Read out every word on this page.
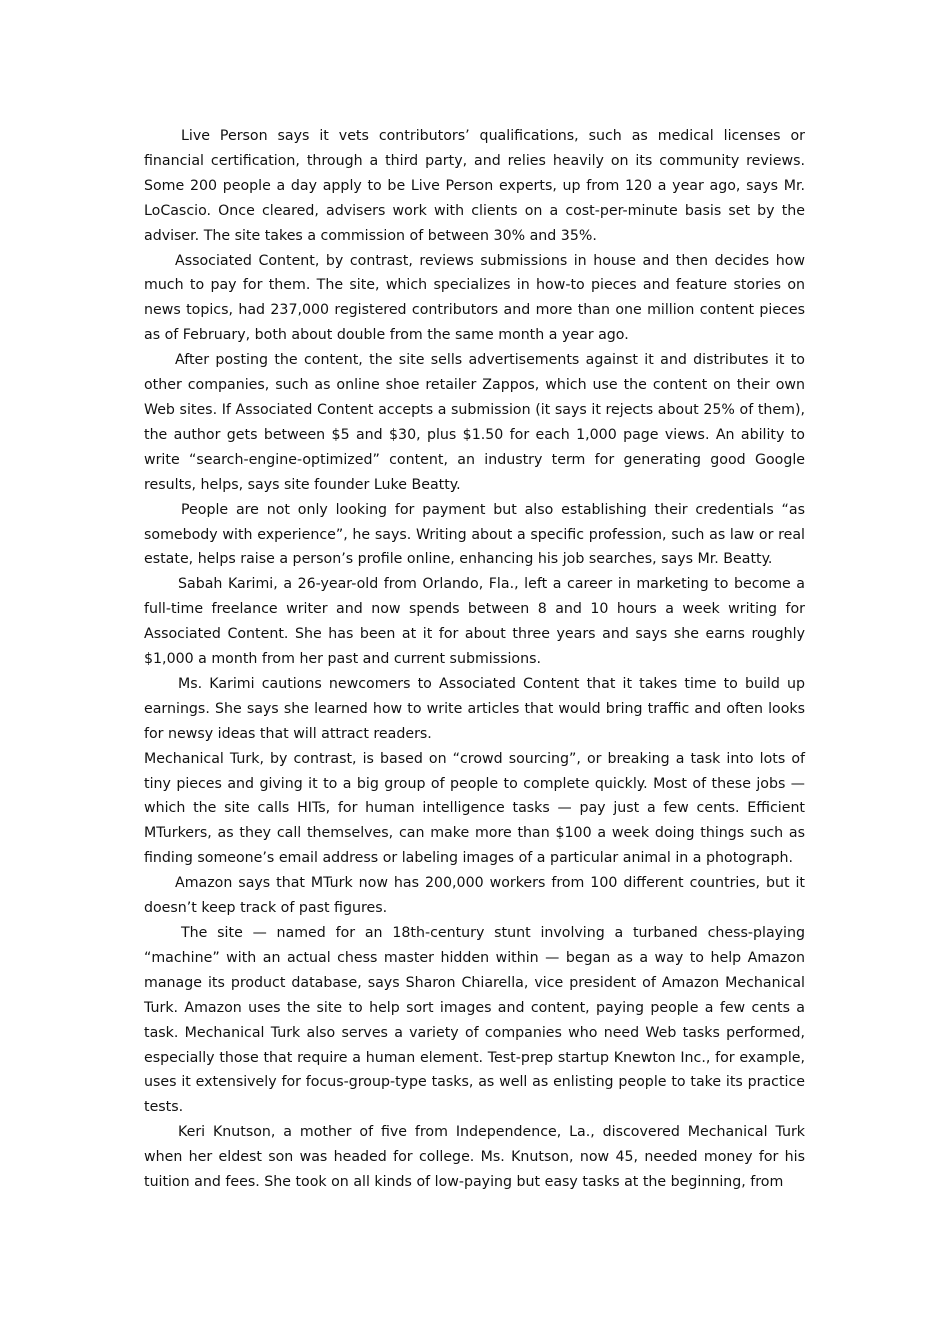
Live Person says it vets contributors’ qualifications, such as medical licenses or financial certification, through a third party, and relies heavily on its community reviews. Some 200 people a day apply to be Live Person experts, up from 120 a year ago, says Mr. LoCascio. Once cleared, advisers work with clients on a cost-per-minute basis set by the adviser. The site takes a commission of between 30% and 35%.

Associated Content, by contrast, reviews submissions in house and then decides how much to pay for them. The site, which specializes in how-to pieces and feature stories on news topics, had 237,000 registered contributors and more than one million content pieces as of February, both about double from the same month a year ago.

After posting the content, the site sells advertisements against it and distributes it to other companies, such as online shoe retailer Zappos, which use the content on their own Web sites. If Associated Content accepts a submission (it says it rejects about 25% of them), the author gets between $5 and $30, plus $1.50 for each 1,000 page views. An ability to write “search-engine-optimized” content, an industry term for generating good Google results, helps, says site founder Luke Beatty.

People are not only looking for payment but also establishing their credentials “as somebody with experience”, he says. Writing about a specific profession, such as law or real estate, helps raise a person’s profile online, enhancing his job searches, says Mr. Beatty.

Sabah Karimi, a 26-year-old from Orlando, Fla., left a career in marketing to become a full-time freelance writer and now spends between 8 and 10 hours a week writing for Associated Content. She has been at it for about three years and says she earns roughly $1,000 a month from her past and current submissions.

Ms. Karimi cautions newcomers to Associated Content that it takes time to build up earnings. She says she learned how to write articles that would bring traffic and often looks for newsy ideas that will attract readers.

Mechanical Turk, by contrast, is based on “crowd sourcing”, or breaking a task into lots of tiny pieces and giving it to a big group of people to complete quickly. Most of these jobs — which the site calls HITs, for human intelligence tasks — pay just a few cents. Efficient MTurkers, as they call themselves, can make more than $100 a week doing things such as finding someone’s email address or labeling images of a particular animal in a photograph.

Amazon says that MTurk now has 200,000 workers from 100 different countries, but it doesn’t keep track of past figures.

The site — named for an 18th-century stunt involving a turbaned chess-playing “machine” with an actual chess master hidden within — began as a way to help Amazon manage its product database, says Sharon Chiarella, vice president of Amazon Mechanical Turk. Amazon uses the site to help sort images and content, paying people a few cents a task. Mechanical Turk also serves a variety of companies who need Web tasks performed, especially those that require a human element. Test-prep startup Knewton Inc., for example, uses it extensively for focus-group-type tasks, as well as enlisting people to take its practice tests.

Keri Knutson, a mother of five from Independence, La., discovered Mechanical Turk when her eldest son was headed for college. Ms. Knutson, now 45, needed money for his tuition and fees. She took on all kinds of low-paying but easy tasks at the beginning, from
